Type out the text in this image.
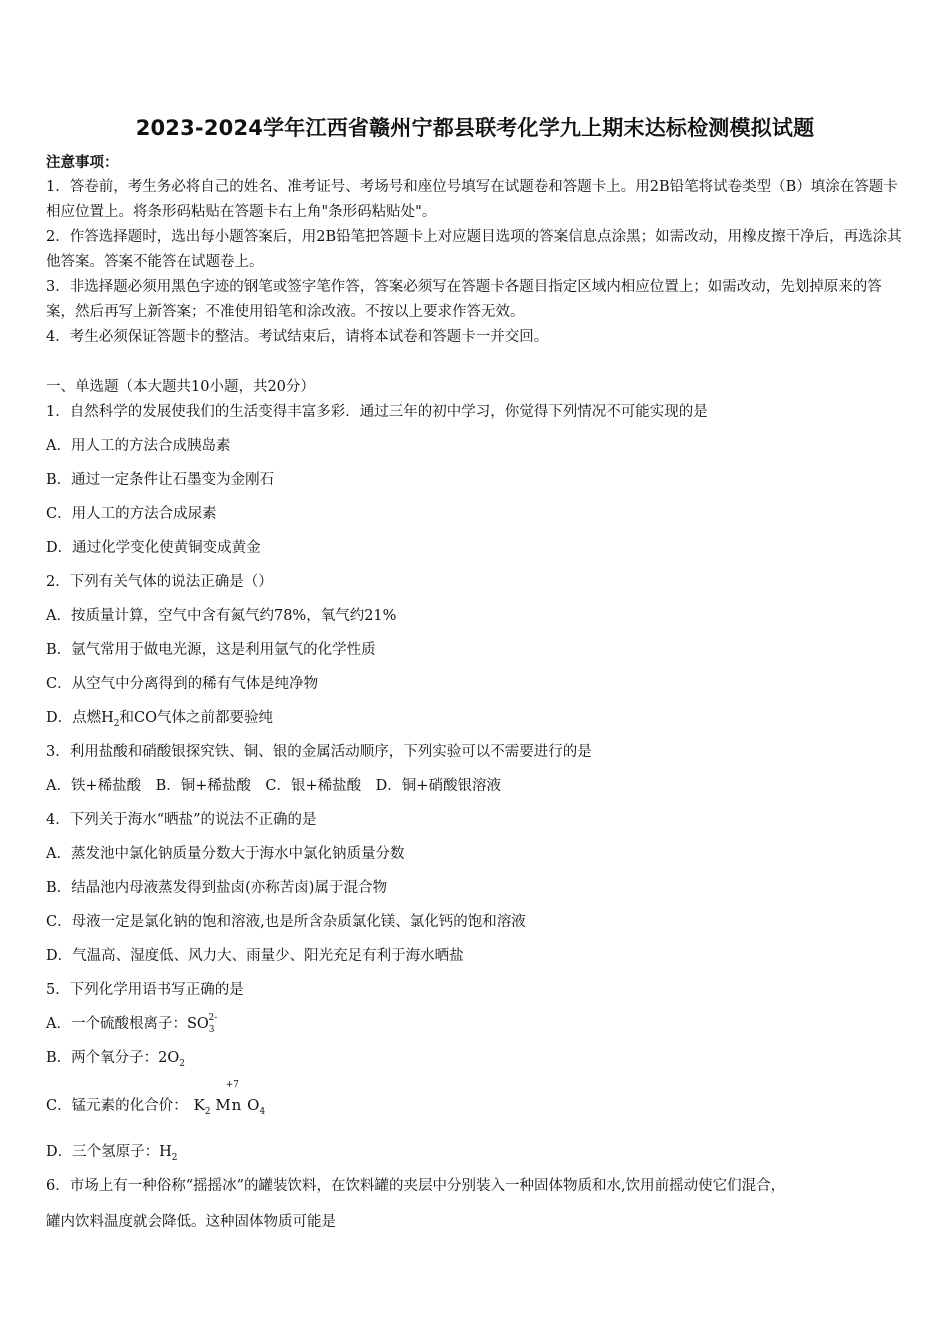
2023-2024学年江西省赣州宁都县联考化学九上期末达标检测模拟试题

注意事项：

1．答卷前，考生务必将自己的姓名、准考证号、考场号和座位号填写在试题卷和答题卡上。用2B铅笔将试卷类型（B）填涂在答题卡相应位置上。将条形码粘贴在答题卡右上角"条形码粘贴处"。

2．作答选择题时，选出每小题答案后，用2B铅笔把答题卡上对应题目选项的答案信息点涂黑；如需改动，用橡皮擦干净后，再选涂其他答案。答案不能答在试题卷上。

3．非选择题必须用黑色字迹的钢笔或签字笔作答，答案必须写在答题卡各题目指定区域内相应位置上；如需改动，先划掉原来的答案，然后再写上新答案；不准使用铅笔和涂改液。不按以上要求作答无效。

4．考生必须保证答题卡的整洁。考试结束后，请将本试卷和答题卡一并交回。

一、单选题（本大题共10小题，共20分）
1．自然科学的发展使我们的生活变得丰富多彩．通过三年的初中学习，你觉得下列情况不可能实现的是
A．用人工的方法合成胰岛素
B．通过一定条件让石墨变为金刚石
C．用人工的方法合成尿素
D．通过化学变化使黄铜变成黄金
2．下列有关气体的说法正确是（）
A．按质量计算，空气中含有氮气约78%，氧气约21%
B．氩气常用于做电光源，这是利用氩气的化学性质
C．从空气中分离得到的稀有气体是纯净物
D．点燃$H_2$和CO气体之前都要验纯
3．利用盐酸和硝酸银探究铁、铜、银的金属活动顺序，下列实验可以不需要进行的是
A．铁+稀盐酸　B．铜+稀盐酸　C．银+稀盐酸　D．铜+硝酸银溶液
4．下列关于海水“晒盐”的说法不正确的是
A．蒸发池中氯化钠质量分数大于海水中氯化钠质量分数
B．结晶池内母液蒸发得到盐卤(亦称苦卤)属于混合物
C．母液一定是氯化钠的饱和溶液,也是所含杂质氯化镁、氯化钙的饱和溶液
D．气温高、湿度低、风力大、雨量少、阳光充足有利于海水晒盐
5．下列化学用语书写正确的是
A．一个硫酸根离子：$SO_3^{2-}$
B．两个氧分子：$2O_2$
C．锰元素的化合价： $K_2$
+7
Mn $O_4$
D．三个氢原子：$H_2$
6．市场上有一种俗称“摇摇冰”的罐装饮料，在饮料罐的夹层中分别装入一种固体物质和水,饮用前摇动使它们混合，
罐内饮料温度就会降低。这种固体物质可能是
